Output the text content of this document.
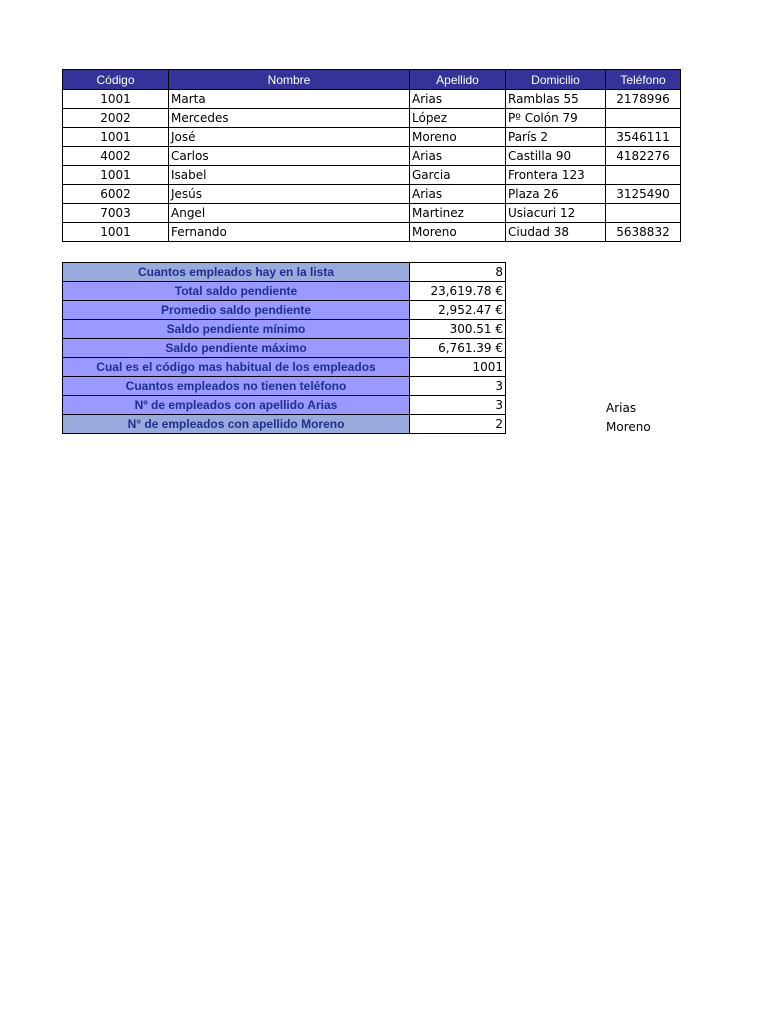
Código	Nombre	Apellido	Domicilio	Teléfono
1001	Marta	Arias	Ramblas 55	2178996
2002	Mercedes	López	Pº Colón 79	
1001	José	Moreno	París 2	3546111
4002	Carlos	Arias	Castilla 90	4182276
1001	Isabel	Garcia	Frontera 123	
6002	Jesús	Arias	Plaza 26	3125490
7003	Angel	Martinez	Usiacuri 12	
1001	Fernando	Moreno	Ciudad 38	5638832
Cuantos empleados hay en la lista	8
Total saldo pendiente	23,619.78 €
Promedio saldo pendiente	2,952.47 €
Saldo pendiente mínimo	300.51 €
Saldo pendiente máximo	6,761.39 €
Cual es el código mas habitual de los empleados	1001
Cuantos empleados no tienen teléfono	3
Nº de empleados con apellido Arias	3
N° de empleados con apellido Moreno	2
Arias
Moreno
